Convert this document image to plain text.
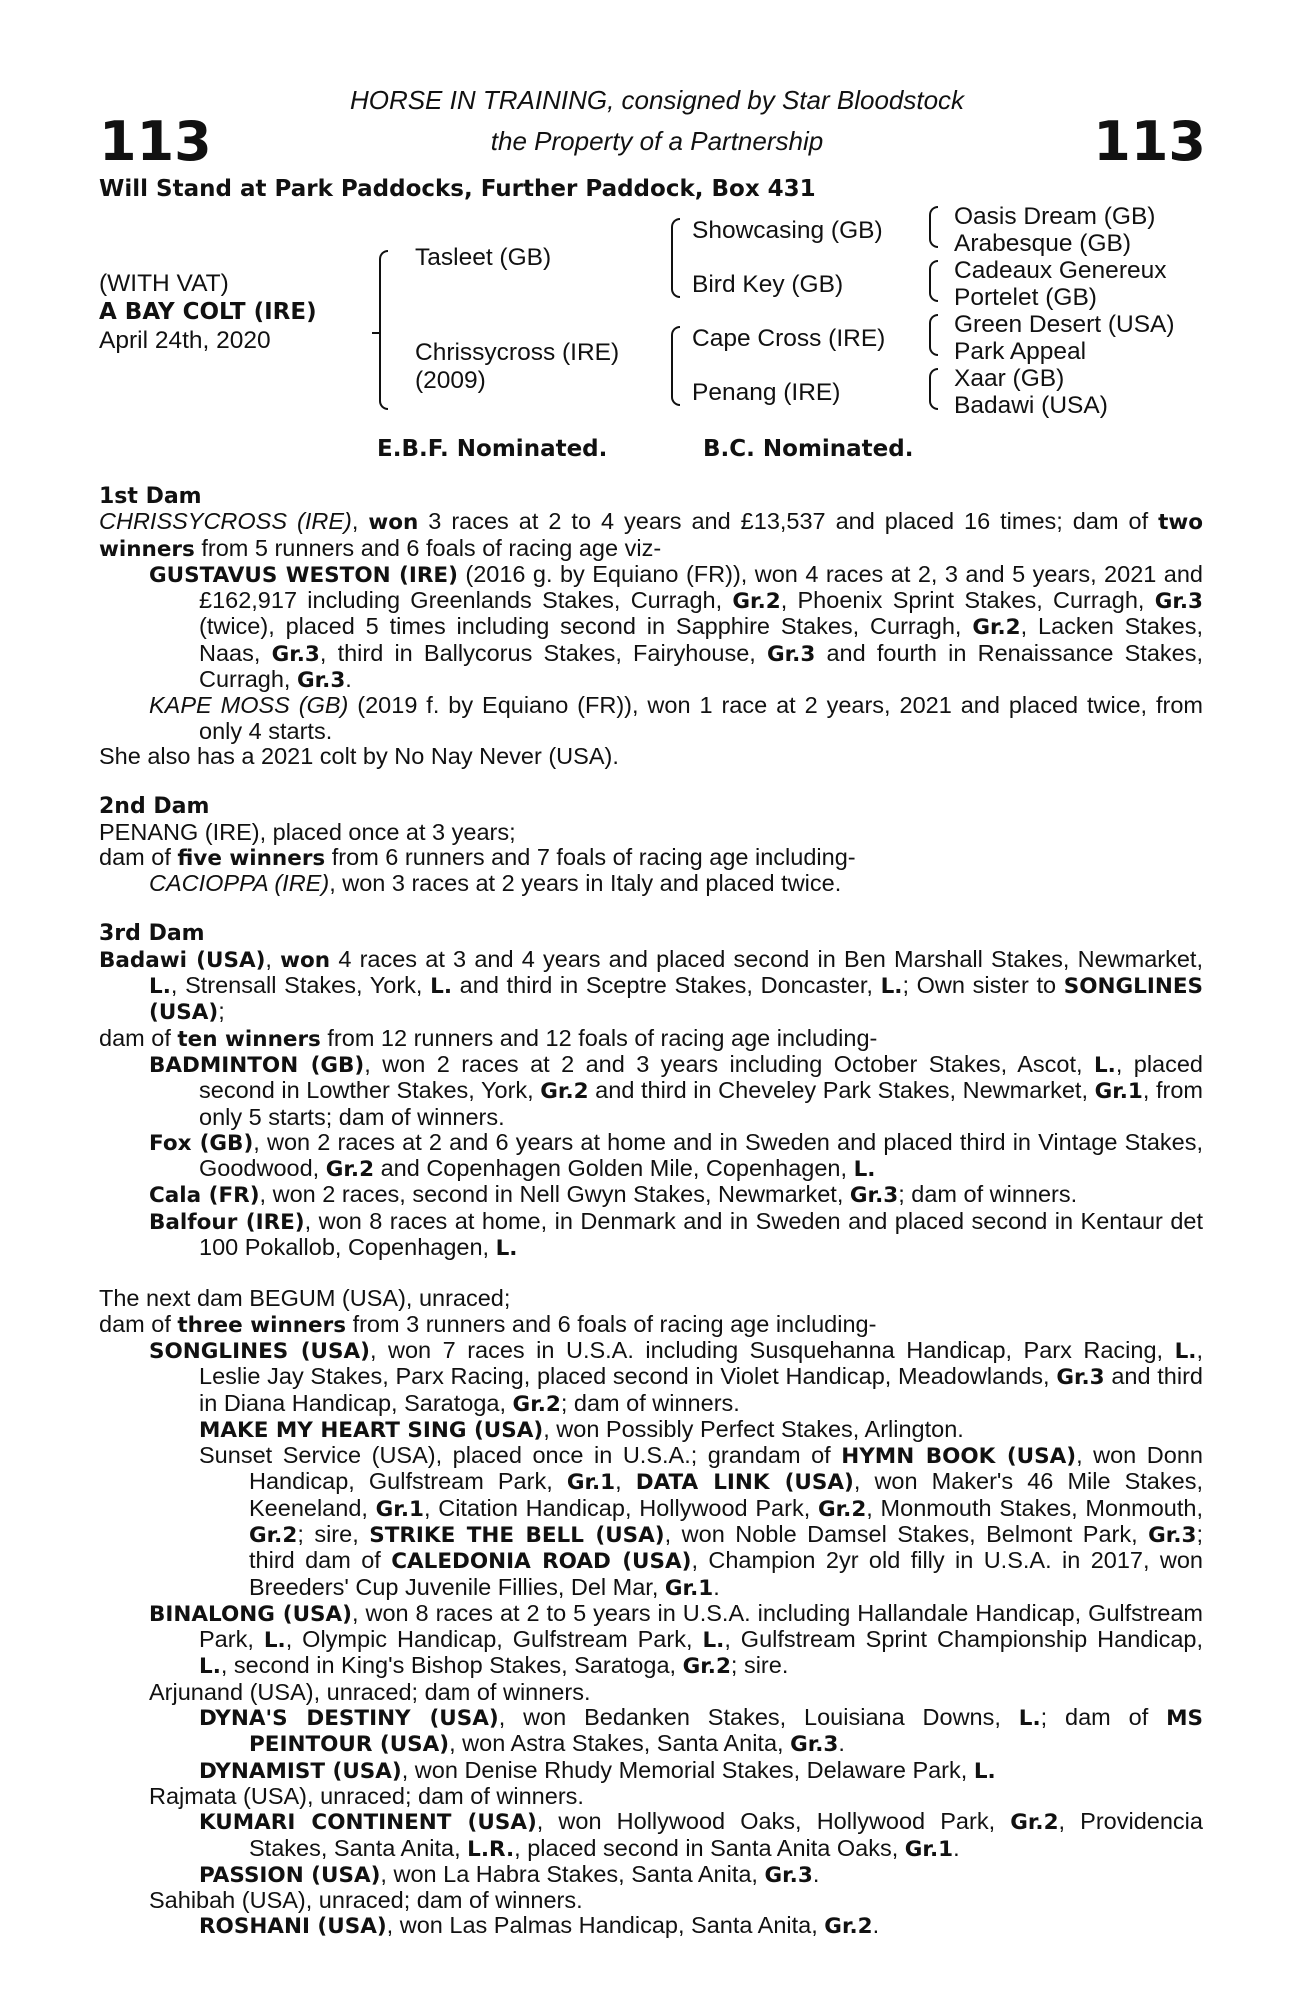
113	113
HORSE IN TRAINING, consigned by Star Bloodstock
the Property of a Partnership
Will Stand at Park Paddocks, Further Paddock, Box 431
(WITH VAT)
A BAY COLT (IRE)
April 24th, 2020
Tasleet (GB)
Chrissycross (IRE)
(2009)
Showcasing (GB)
Bird Key (GB)
Cape Cross (IRE)
Penang (IRE)
Oasis Dream (GB)
Arabesque (GB)
Cadeaux Genereux
Portelet (GB)
Green Desert (USA)
Park Appeal
Xaar (GB)
Badawi (USA)
E.B.F. Nominated.	B.C. Nominated.

1st Dam

CHRISSYCROSS (IRE), won 3 races at 2 to 4 years and £13,537 and placed 16 times; dam of two winners from 5 runners and 6 foals of racing age viz-

GUSTAVUS WESTON (IRE) (2016 g. by Equiano (FR)), won 4 races at 2, 3 and 5 years, 2021 and £162,917 including Greenlands Stakes, Curragh, Gr.2, Phoenix Sprint Stakes, Curragh, Gr.3 (twice), placed 5 times including second in Sapphire Stakes, Curragh, Gr.2, Lacken Stakes, Naas, Gr.3, third in Ballycorus Stakes, Fairyhouse, Gr.3 and fourth in Renaissance Stakes, Curragh, Gr.3.

KAPE MOSS (GB) (2019 f. by Equiano (FR)), won 1 race at 2 years, 2021 and placed twice, from only 4 starts.

She also has a 2021 colt by No Nay Never (USA).

2nd Dam

PENANG (IRE), placed once at 3 years;

dam of five winners from 6 runners and 7 foals of racing age including-

CACIOPPA (IRE), won 3 races at 2 years in Italy and placed twice.

3rd Dam

Badawi (USA), won 4 races at 3 and 4 years and placed second in Ben Marshall Stakes, Newmarket, L., Strensall Stakes, York, L. and third in Sceptre Stakes, Doncaster, L.; Own sister to SONGLINES (USA);

dam of ten winners from 12 runners and 12 foals of racing age including-

BADMINTON (GB), won 2 races at 2 and 3 years including October Stakes, Ascot, L., placed second in Lowther Stakes, York, Gr.2 and third in Cheveley Park Stakes, Newmarket, Gr.1, from only 5 starts; dam of winners.

Fox (GB), won 2 races at 2 and 6 years at home and in Sweden and placed third in Vintage Stakes, Goodwood, Gr.2 and Copenhagen Golden Mile, Copenhagen, L.

Cala (FR), won 2 races, second in Nell Gwyn Stakes, Newmarket, Gr.3; dam of winners.

Balfour (IRE), won 8 races at home, in Denmark and in Sweden and placed second in Kentaur det 100 Pokallob, Copenhagen, L.

The next dam BEGUM (USA), unraced;

dam of three winners from 3 runners and 6 foals of racing age including-

SONGLINES (USA), won 7 races in U.S.A. including Susquehanna Handicap, Parx Racing, L., Leslie Jay Stakes, Parx Racing, placed second in Violet Handicap, Meadowlands, Gr.3 and third in Diana Handicap, Saratoga, Gr.2; dam of winners.

MAKE MY HEART SING (USA), won Possibly Perfect Stakes, Arlington.

Sunset Service (USA), placed once in U.S.A.; grandam of HYMN BOOK (USA), won Donn Handicap, Gulfstream Park, Gr.1, DATA LINK (USA), won Maker's 46 Mile Stakes, Keeneland, Gr.1, Citation Handicap, Hollywood Park, Gr.2, Monmouth Stakes, Monmouth, Gr.2; sire, STRIKE THE BELL (USA), won Noble Damsel Stakes, Belmont Park, Gr.3; third dam of CALEDONIA ROAD (USA), Champion 2yr old filly in U.S.A. in 2017, won Breeders' Cup Juvenile Fillies, Del Mar, Gr.1.

BINALONG (USA), won 8 races at 2 to 5 years in U.S.A. including Hallandale Handicap, Gulfstream Park, L., Olympic Handicap, Gulfstream Park, L., Gulfstream Sprint Championship Handicap, L., second in King's Bishop Stakes, Saratoga, Gr.2; sire.

Arjunand (USA), unraced; dam of winners.

DYNA'S DESTINY (USA), won Bedanken Stakes, Louisiana Downs, L.; dam of MS PEINTOUR (USA), won Astra Stakes, Santa Anita, Gr.3.

DYNAMIST (USA), won Denise Rhudy Memorial Stakes, Delaware Park, L.

Rajmata (USA), unraced; dam of winners.

KUMARI CONTINENT (USA), won Hollywood Oaks, Hollywood Park, Gr.2, Providencia Stakes, Santa Anita, L.R., placed second in Santa Anita Oaks, Gr.1.

PASSION (USA), won La Habra Stakes, Santa Anita, Gr.3.

Sahibah (USA), unraced; dam of winners.

ROSHANI (USA), won Las Palmas Handicap, Santa Anita, Gr.2.
